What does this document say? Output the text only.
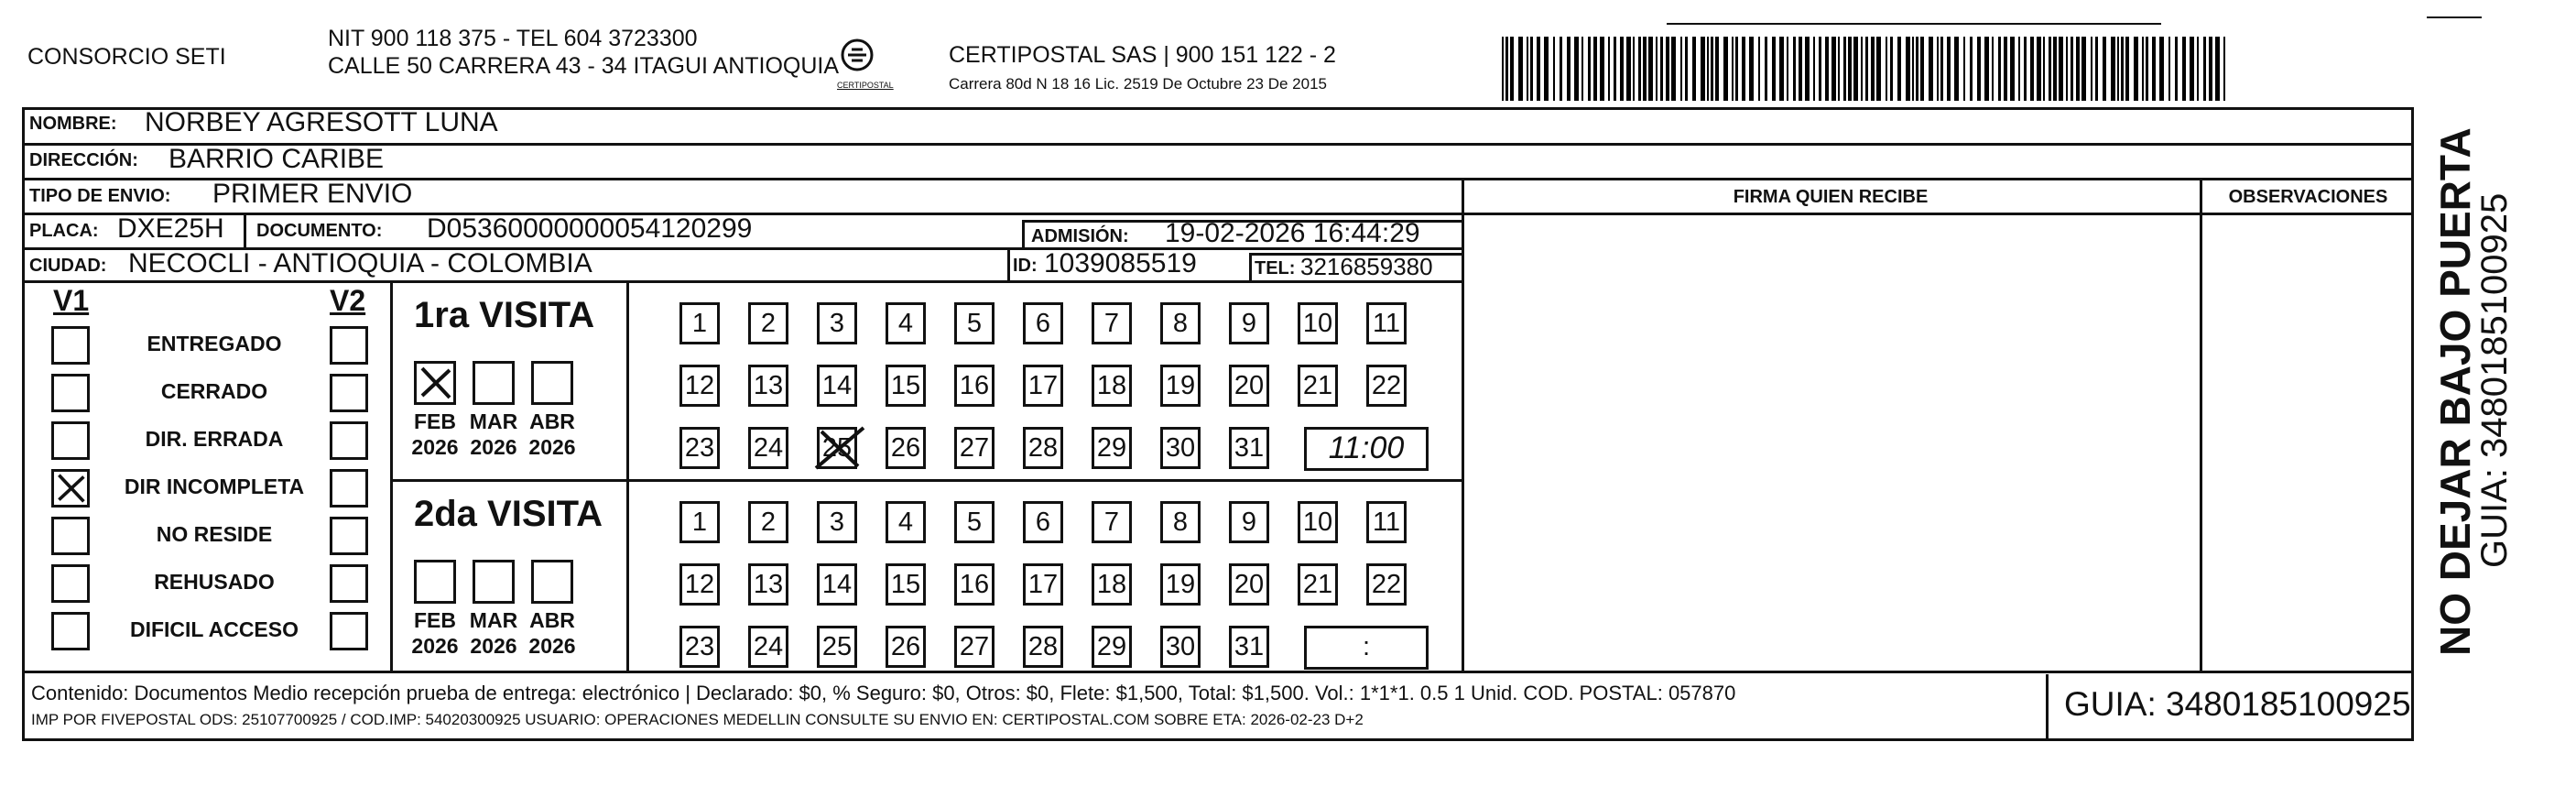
CONSORCIO SETI
NIT 900 118 375 - TEL 604 3723300
CALLE 50 CARRERA 43 - 34 ITAGUI ANTIOQUIA
CERTIPOSTAL
CERTIPOSTAL SAS | 900 151 122 - 2
Carrera 80d N 18 16 Lic. 2519 De Octubre 23 De 2015
NOMBRE: NORBEY AGRESOTT LUNA
DIRECCIÓN: BARRIO CARIBE
TIPO DE ENVIO: PRIMER ENVIO
PLACA: DXE25H DOCUMENTO: D05360000000054120299	ADMISIÓN: 19-02-2026 16:44:29
CIUDAD: NECOCLI - ANTIOQUIA - COLOMBIA	ID: 1039085519	TEL: 3216859380
FIRMA QUIEN RECIBE	OBSERVACIONES
V1	V2
ENTREGADO
CERRADO
DIR. ERRADA
DIR INCOMPLETA
NO RESIDE
REHUSADO
DIFICIL ACCESO
1ra VISITA
FEB
2026
MAR
2026
ABR
2026
1	2	3	4	5	6	7	8	9	10 11
12 13 14 15 16 17 18 19 20 21 22
23 24 25 26 27 28 29 30 31	11:00
2da VISITA
FEB
2026
MAR
2026
ABR
2026
1	2	3	4	5	6	7	8	9	10 11
12 13 14 15 16 17 18 19 20 21 22
23 24 25 26 27 28 29 30 31	:
Contenido: Documentos Medio recepción prueba de entrega: electrónico | Declarado: $0, % Seguro: $0, Otros: $0, Flete: $1,500, Total: $1,500. Vol.: 1*1*1. 0.5 1 Unid. COD. POSTAL: 057870
IMP POR FIVEPOSTAL ODS: 25107700925 / COD.IMP: 54020300925 USUARIO: OPERACIONES MEDELLIN CONSULTE SU ENVIO EN: CERTIPOSTAL.COM SOBRE ETA: 2026-02-23 D+2	GUIA: 3480185100925
NO DEJAR BAJO PUERTA
GUIA: 3480185100925
